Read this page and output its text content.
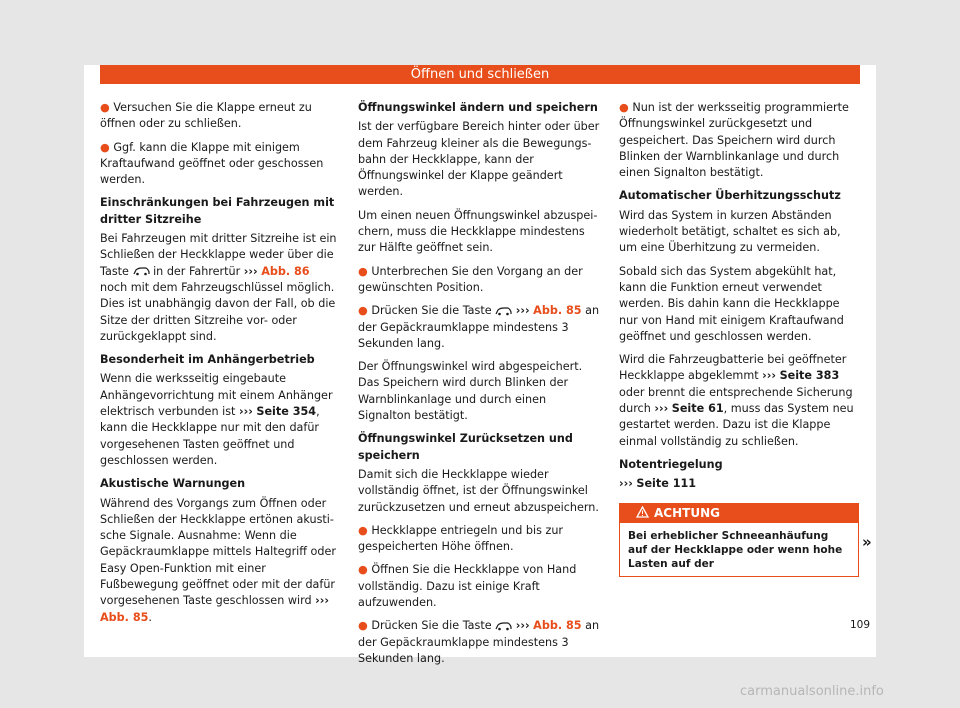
Öffnen und schließen

● Versuchen Sie die Klappe erneut zu öffnen oder zu schließen.

● Ggf. kann die Klappe mit einigem Kraftaufwand geöffnet oder geschossen werden.

Einschränkungen bei Fahrzeugen mit dritter Sitzreihe

Bei Fahrzeugen mit dritter Sitzreihe ist ein Schließen der Heckklappe weder über die Taste in der Fahrertür ››› Abb. 86 noch mit dem Fahrzeugschlüssel möglich. Dies ist unabhängig davon der Fall, ob die Sitze der dritten Sitzreihe vor- oder zurückgeklappt sind.

Besonderheit im Anhängerbetrieb

Wenn die werksseitig eingebaute Anhängevorrichtung mit einem Anhänger elektrisch verbunden ist ››› Seite 354, kann die Heckklappe nur mit den dafür vorgesehenen Tasten geöffnet und geschlossen werden.

Akustische Warnungen

Während des Vorgangs zum Öffnen oder Schließen der Heckklappe ertönen akustische Signale. Ausnahme: Wenn die Gepäckraumklappe mittels Haltegriff oder Easy Open-Funktion mit einer Fußbewegung geöffnet oder mit der dafür vorgesehenen Taste geschlossen wird ››› Abb. 85.

Öffnungswinkel ändern und speichern

Ist der verfügbare Bereich hinter oder über dem Fahrzeug kleiner als die Bewegungsbahn der Heckklappe, kann der Öffnungswinkel der Klappe geändert werden.

Um einen neuen Öffnungswinkel abzuspeichern, muss die Heckklappe mindestens zur Hälfte geöffnet sein.

● Unterbrechen Sie den Vorgang an der gewünschten Position.

● Drücken Sie die Taste ››› Abb. 85 an der Gepäckraumklappe mindestens 3 Sekunden lang.

Der Öffnungswinkel wird abgespeichert. Das Speichern wird durch Blinken der Warnblinkanlage und durch einen Signalton bestätigt.

Öffnungswinkel Zurücksetzen und speichern

Damit sich die Heckklappe wieder vollständig öffnet, ist der Öffnungswinkel zurückzusetzen und erneut abzuspeichern.

● Heckklappe entriegeln und bis zur gespeicherten Höhe öffnen.

● Öffnen Sie die Heckklappe von Hand vollständig. Dazu ist einige Kraft aufzuwenden.

● Drücken Sie die Taste ››› Abb. 85 an der Gepäckraumklappe mindestens 3 Sekunden lang.

● Nun ist der werksseitig programmierte Öffnungswinkel zurückgesetzt und gespeichert. Das Speichern wird durch Blinken der Warnblinkanlage und durch einen Signalton bestätigt.

Automatischer Überhitzungsschutz

Wird das System in kurzen Abständen wiederholt betätigt, schaltet es sich ab, um eine Überhitzung zu vermeiden.

Sobald sich das System abgekühlt hat, kann die Funktion erneut verwendet werden. Bis dahin kann die Heckklappe nur von Hand mit einigem Kraftaufwand geöffnet und geschlossen werden.

Wird die Fahrzeugbatterie bei geöffneter Heckklappe abgeklemmt ››› Seite 383 oder brennt die entsprechende Sicherung durch ››› Seite 61, muss das System neu gestartet werden. Dazu ist die Klappe einmal vollständig zu schließen.

Notentriegelung

››› Seite 111

ACHTUNG
Bei erheblicher Schneeanhäufung auf der Heckklappe oder wenn hohe Lasten auf der
»
109
carmanualsonline.info
